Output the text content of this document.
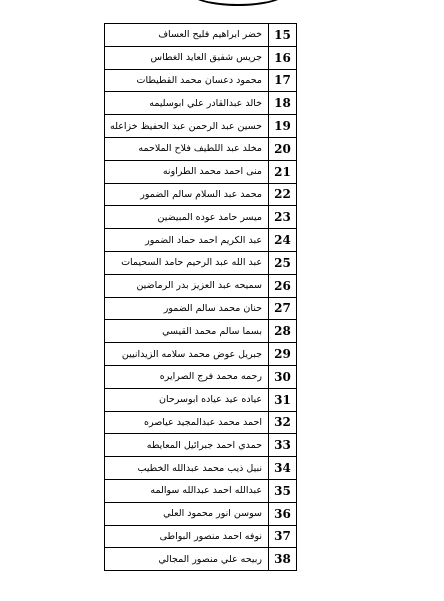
15	خضر ابراهيم فليح العساف
16	جريس شفيق العايد الغطاس
17	محمود دعسان محمد القطيطات
18	خالد عبدالقادر علي ابوسليمه
19	حسين عبد الرحمن عبد الحفيظ خزاعله
20	مخلد عبد اللطيف فلاح الملاحمه
21	منى احمد محمد الطراونه
22	محمد عبد السلام سالم الضمور
23	ميسر حامد عوده المبيضين
24	عبد الكريم احمد حماد الضمور
25	عبد الله عبد الرحيم حامد السحيمات
26	سميحه عبد العزيز بدر الرماضين
27	حنان محمد سالم الضمور
28	بسما سالم محمد القيسي
29	جبريل عوض محمد سلامه الزيدانيين
30	رحمه محمد فرج الصرايره
31	عياده عيد عياده ابوسرحان
32	احمد محمد عبدالمجيد عياصره
33	حمدي احمد جبرائيل المعايطه
34	نبيل ذيب محمد عبدالله الخطيب
35	عبدالله احمد عبدالله سوالمه
36	سوسن انور محمود العلي
37	نوفه احمد منصور البواطى
38	ربيحه علي منصور المجالي
